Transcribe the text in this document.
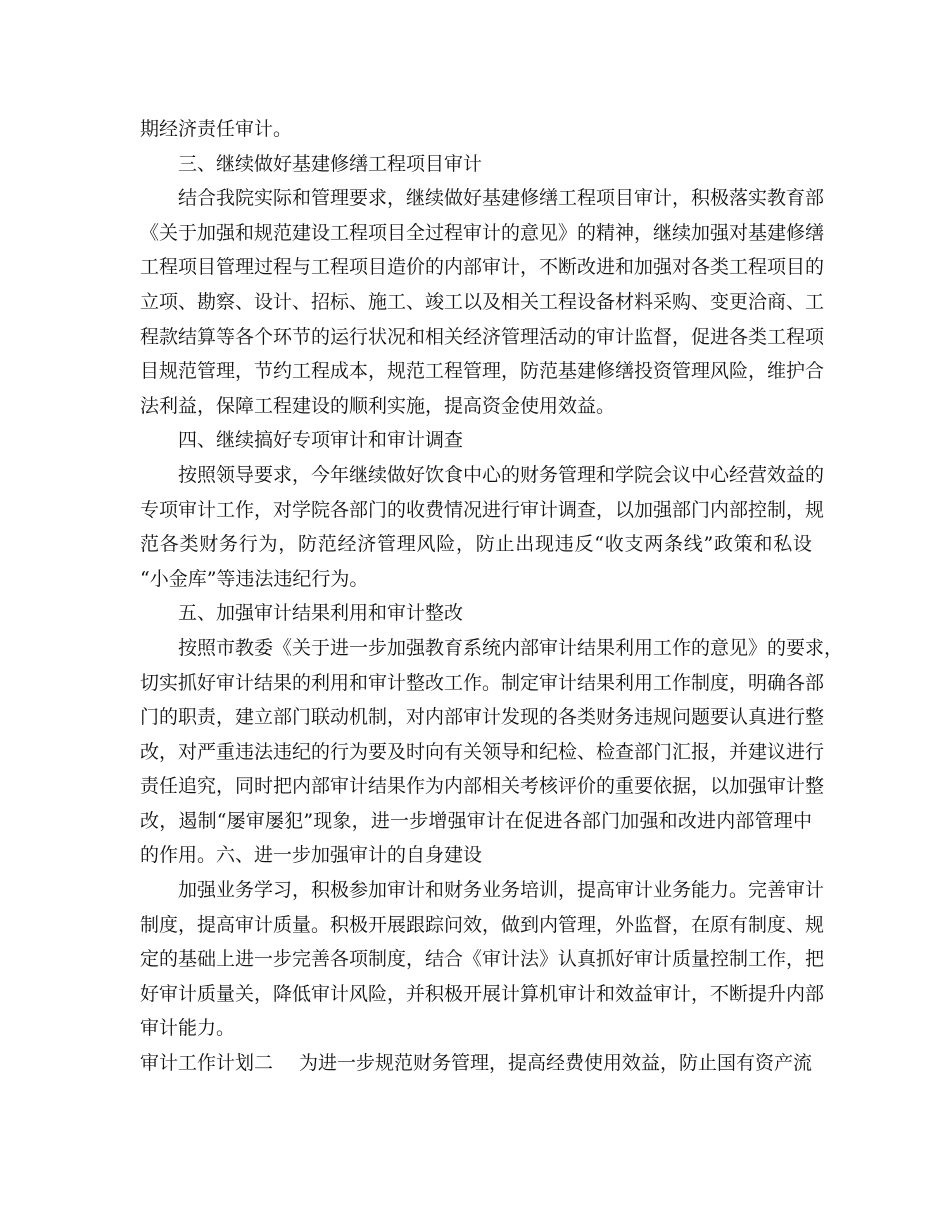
期经济责任审计。
三、继续做好基建修缮工程项目审计
结合我院实际和管理要求，继续做好基建修缮工程项目审计，积极落实教育部
《关于加强和规范建设工程项目全过程审计的意见》的精神，继续加强对基建修缮
工程项目管理过程与工程项目造价的内部审计，不断改进和加强对各类工程项目的
立项、勘察、设计、招标、施工、竣工以及相关工程设备材料采购、变更洽商、工
程款结算等各个环节的运行状况和相关经济管理活动的审计监督，促进各类工程项
目规范管理，节约工程成本，规范工程管理，防范基建修缮投资管理风险，维护合
法利益，保障工程建设的顺利实施，提高资金使用效益。
四、继续搞好专项审计和审计调查
按照领导要求，今年继续做好饮食中心的财务管理和学院会议中心经营效益的
专项审计工作，对学院各部门的收费情况进行审计调查，以加强部门内部控制，规
范各类财务行为，防范经济管理风险，防止出现违反“收支两条线”政策和私设
“小金库”等违法违纪行为。
五、加强审计结果利用和审计整改
按照市教委《关于进一步加强教育系统内部审计结果利用工作的意见》的要求，
切实抓好审计结果的利用和审计整改工作。制定审计结果利用工作制度，明确各部
门的职责，建立部门联动机制，对内部审计发现的各类财务违规问题要认真进行整
改，对严重违法违纪的行为要及时向有关领导和纪检、检查部门汇报，并建议进行
责任追究，同时把内部审计结果作为内部相关考核评价的重要依据，以加强审计整
改，遏制“屡审屡犯”现象，进一步增强审计在促进各部门加强和改进内部管理中
的作用。六、进一步加强审计的自身建设
加强业务学习，积极参加审计和财务业务培训，提高审计业务能力。完善审计
制度，提高审计质量。积极开展跟踪问效，做到内管理，外监督，在原有制度、规
定的基础上进一步完善各项制度，结合《审计法》认真抓好审计质量控制工作，把
好审计质量关，降低审计风险，并积极开展计算机审计和效益审计，不断提升内部
审计能力。
审计工作计划二 为进一步规范财务管理，提高经费使用效益，防止国有资产流
